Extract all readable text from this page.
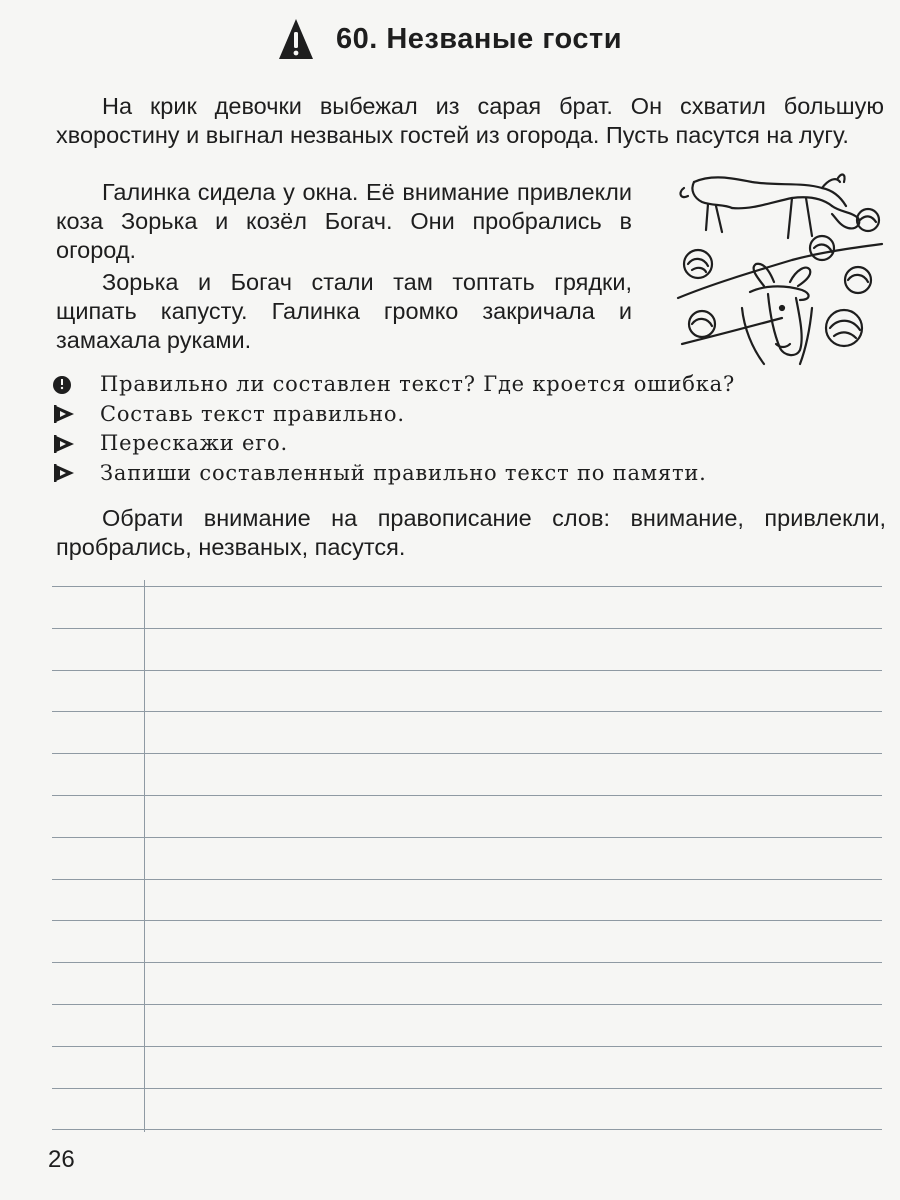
60. Незваные гости

На крик девочки выбежал из сарая брат. Он схватил большую хворостину и выгнал незваных гостей из огорода. Пусть пасутся на лугу.

Галинка сидела у окна. Её внимание привлекли коза Зорька и козёл Богач. Они пробрались в огород.

Зорька и Богач стали там топтать грядки, щипать капусту. Галинка громко закричала и замахала руками.

Правильно ли составлен текст? Где кроется ошибка?
Составь текст правильно.
Перескажи его.
Запиши составленный правильно текст по памяти.

Обрати внимание на правописание слов: внимание, привлекли, пробрались, незваных, пасутся.

26
